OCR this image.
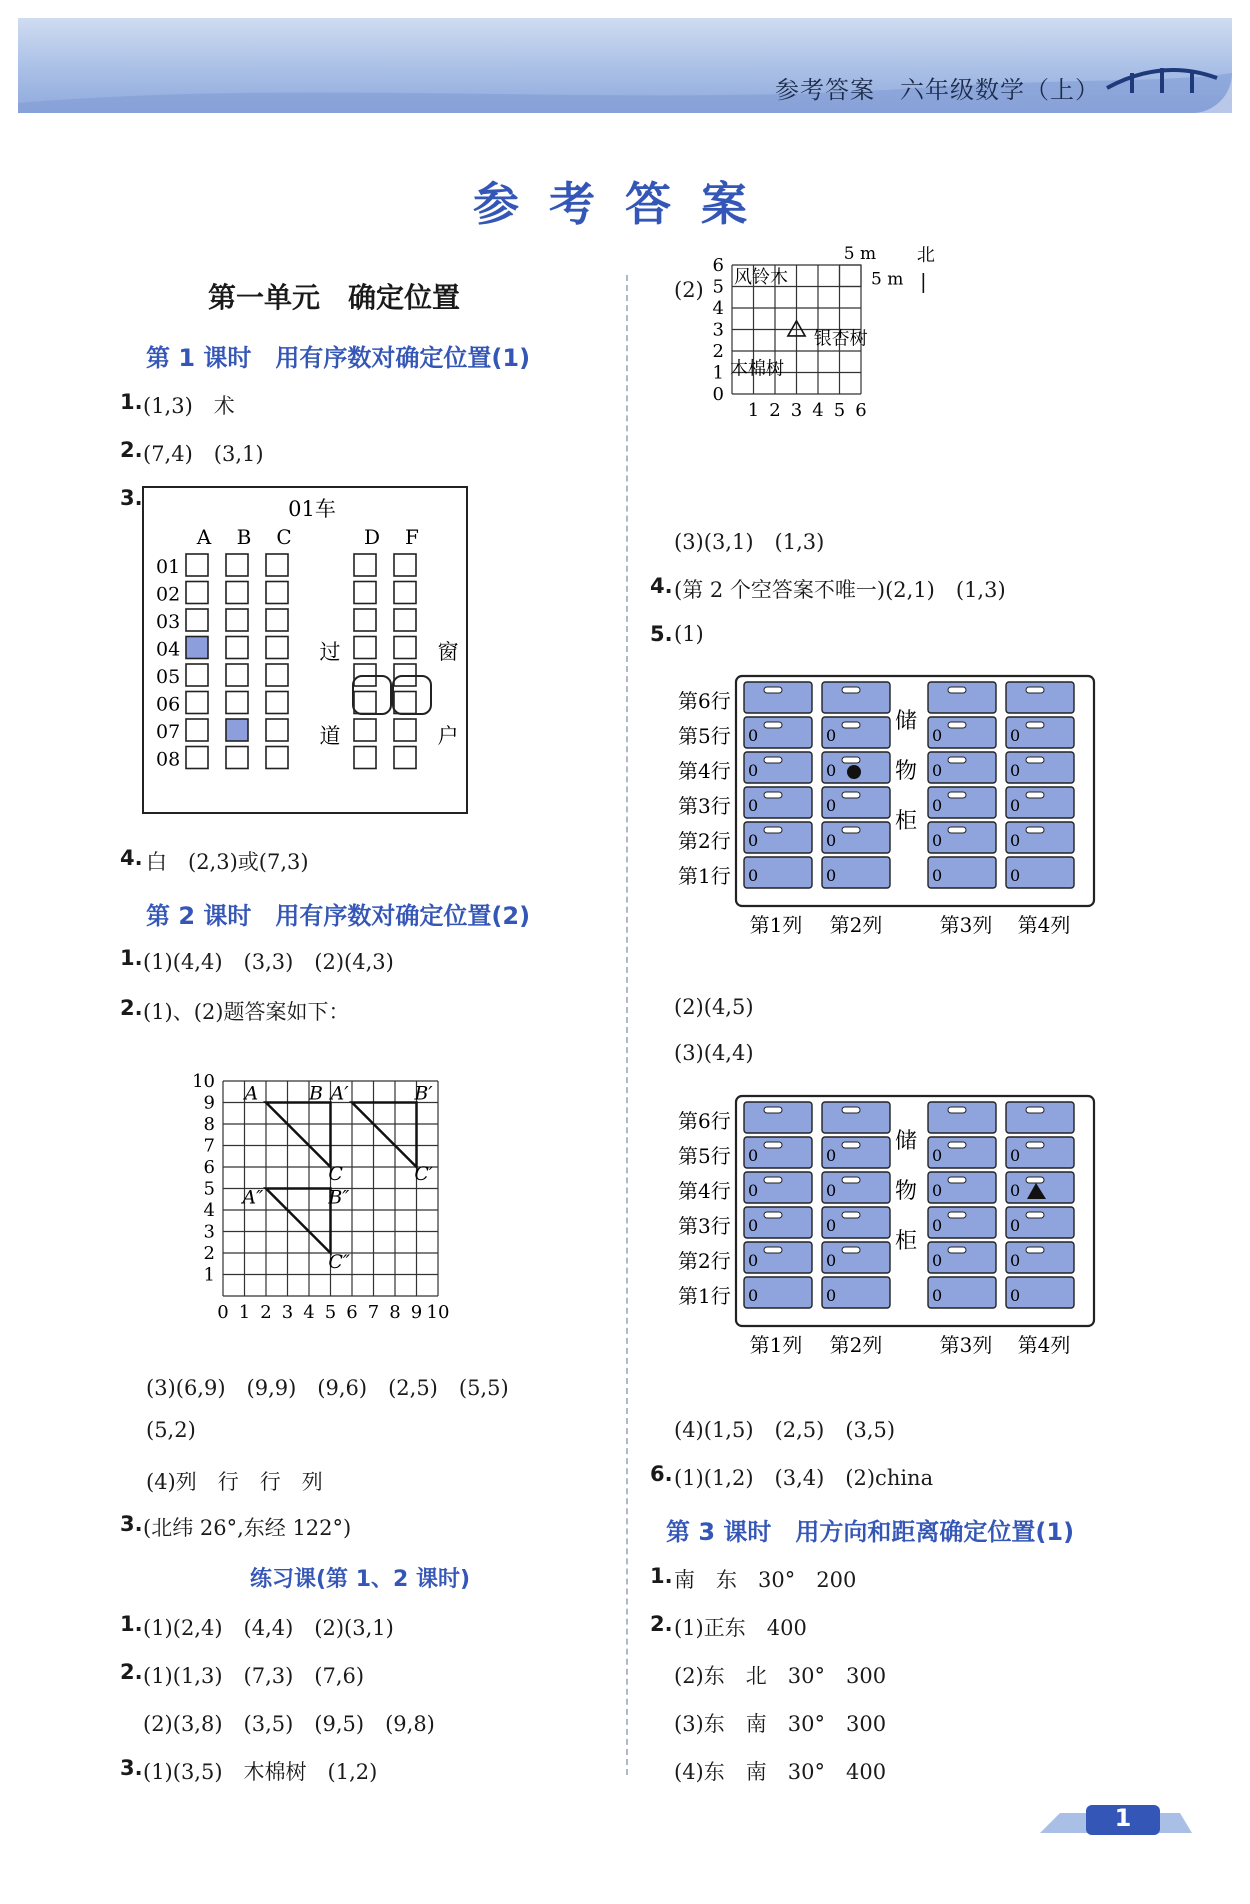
参考答案　六年级数学（上）
参考答案
第一单元　确定位置
第 1 课时　用有序数对确定位置(1)
1. (1,3)　术
2. (7,4)　(3,1)
3.	01车
A B C	D F
01
02
03
04
05
06
07
08
过
道
窗
户
4. 白　(2,3)或(7,3)
第 2 课时　用有序数对确定位置(2)
1. (1)(4,4)　(3,3)　(2)(4,3)
2. (1)、(2)题答案如下：
0 1 2 3 4 5 6 7 8 9 10
1
2
3
4
5
6
7
8
9
10
A	B A′	B′
C	C′
A″	B″
C″
(3)(6,9)　(9,9)　(9,6)　(2,5)　(5,5)
(5,2)
(4)列　行　行　列
3. (北纬 26°,东经 122°)
练习课(第 1、2 课时)
1. (1)(2,4)　(4,4)　(2)(3,1)
2. (1)(1,3)　(7,3)　(7,6)
(2)(3,8)　(3,5)　(9,5)　(9,8)
3. (1)(3,5)　木棉树　(1,2)
(2)
1 2 3 4 5 6
0
1
2
3
4
5
6
风铃木
银杏树
木棉树
5 m
5 m
北
(3)(3,1)　(1,3)
4. (第 2 个空答案不唯一)(2,1)　(1,3)
5. (1)
第6行
第5行
第4行
第3行
第2行
第1行
0
0
0
0
0
0
0
0
0
0
0
0
0
0
0
0
0
0
0
0
储
物
柜
第1列 第2列	第3列 第4列
(2)(4,5)
(3)(4,4)
第6行
第5行
第4行
第3行
第2行
第1行
0
0
0
0
0
0
0
0
0
0
0
0
0
0
0
0
0
0
0
0
储
物
柜
第1列 第2列	第3列 第4列
(4)(1,5)　(2,5)　(3,5)
6. (1)(1,2)　(3,4)　(2)china
第 3 课时　用方向和距离确定位置(1)
1. 南　东　30°　200
2. (1)正东　400
(2)东　北　30°　300
(3)东　南　30°　300
(4)东　南　30°　400
1
